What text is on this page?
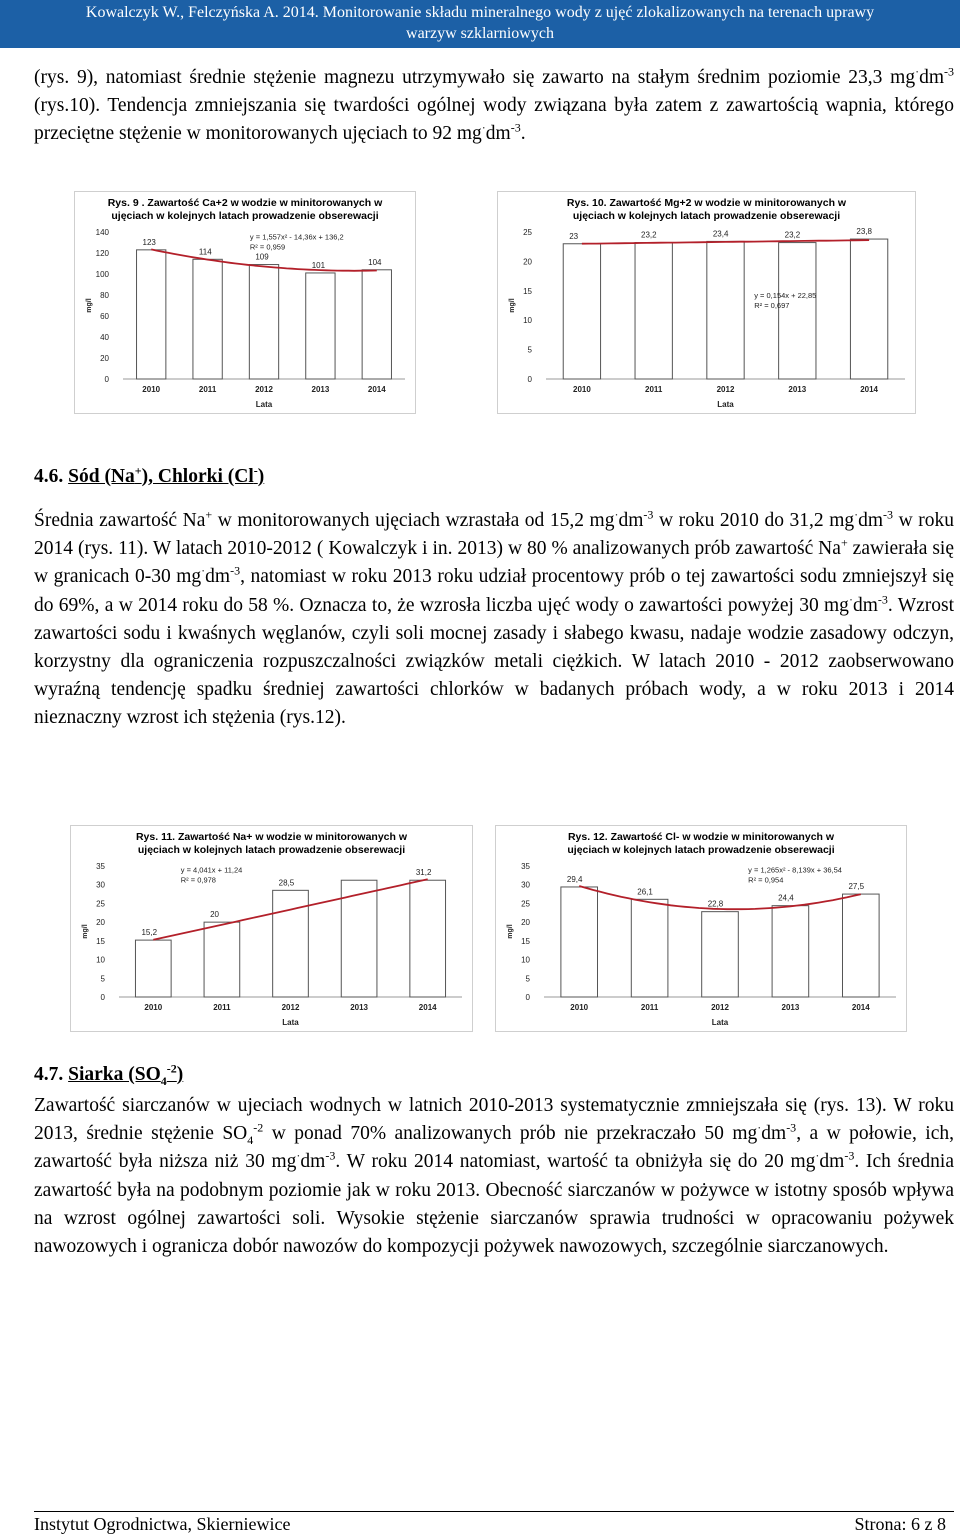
Kowalczyk W., Felczyńska A. 2014. Monitorowanie składu mineralnego wody z ujęć zlokalizowanych na terenach uprawy
warzyw szklarniowych

(rys. 9), natomiast średnie stężenie magnezu utrzymywało się zawarto na stałym średnim poziomie 23,3 $mg^\cdot dm^{-3}$ (rys.10). Tendencja zmniejszania się twardości ogólnej wody związana była zatem z zawartością wapnia, którego przeciętne stężenie w monitorowanych ujęciach to 92 $mg^\cdot dm^{-3}$.

Rys. 9 . Zawartość Ca+2 w wodzie w minitorowanych w
ujęciach w kolejnych latach prowadzenie obserewacji
0
20
40
60
80
100
120
140
mg/l
2010
123
2011
114
2012
109
2013
101
2014
104
Lata
y = 1,557x² - 14,36x + 136,2
R² = 0,959
Rys. 10. Zawartość Mg+2 w wodzie w minitorowanych w
ujęciach w kolejnych latach prowadzenie obserewacji
0
5
10
15
20
25
mg/l
2010
23
2011
23,2
2012
23,4
2013
23,2
2014
23,8
Lata
y = 0,154x + 22,85
R² = 0,697
4.6. Sód (Na+), Chlorki (Cl-)

Średnia zawartość Na+ w monitorowanych ujęciach wzrastała od 15,2 $mg^\cdot dm^{-3}$ w roku 2010 do 31,2 $mg^\cdot dm^{-3}$ w roku 2014 (rys. 11). W latach 2010-2012 ( Kowalczyk i in. 2013) w 80 % analizowanych prób zawartość Na+ zawierała się w granicach 0-30 $mg^\cdot dm^{-3}$, natomiast w roku 2013 roku udział procentowy prób o tej zawartości sodu zmniejszył się do 69%, a w 2014 roku do 58 %. Oznacza to, że wzrosła liczba ujęć wody o zawartości powyżej 30 $mg^\cdot dm^{-3}$. Wzrost zawartości sodu i kwaśnych węglanów, czyli soli mocnej zasady i słabego kwasu, nadaje wodzie zasadowy odczyn, korzystny dla ograniczenia rozpuszczalności związków metali ciężkich. W latach 2010 - 2012 zaobserwowano wyraźną tendencję spadku średniej zawartości chlorków w badanych próbach wody, a w roku 2013 i 2014 nieznaczny wzrost ich stężenia (rys.12).

Rys. 11. Zawartość Na+ w wodzie w minitorowanych w
ujęciach w kolejnych latach prowadzenie obserewacji
0
5
10
15
20
25
30
35
mg/l
2010
15,2
2011
20
2012
28,5
2013	2014
31,2
Lata
y = 4,041x + 11,24
R² = 0,978
Rys. 12. Zawartość Cl- w wodzie w minitorowanych w
ujęciach w kolejnych latach prowadzenie obserewacji
0
5
10
15
20
25
30
35
mg/l
2010
29,4
2011
26,1
2012
22,8
2013
24,4
2014
27,5
Lata
y = 1,265x² - 8,139x + 36,54
R² = 0,954
4.7. Siarka $(SO_4^{-2})$

Zawartość siarczanów w ujeciach wodnych w latnich 2010-2013 systematycznie zmniejszała się (rys. 13). W roku 2013, średnie stężenie $SO_4^{-2}$ w ponad 70% analizowanych prób nie przekraczało 50 $mg^\cdot dm^{-3}$, a w połowie, ich, zawartość była niższa niż 30 $mg^\cdot dm^{-3}$. W roku 2014 natomiast, wartość ta obniżyła się do 20 $mg^\cdot dm^{-3}$. Ich średnia zawartość była na podobnym poziomie jak w roku 2013. Obecność siarczanów w pożywce w istotny sposób wpływa na wzrost ogólnej zawartości soli. Wysokie stężenie siarczanów sprawia trudności w opracowaniu pożywek nawozowych i ogranicza dobór nawozów do kompozycji pożywek nawozowych, szczególnie siarczanowych.

Instytut Ogrodnictwa, Skierniewice	Strona: 6 z 8
